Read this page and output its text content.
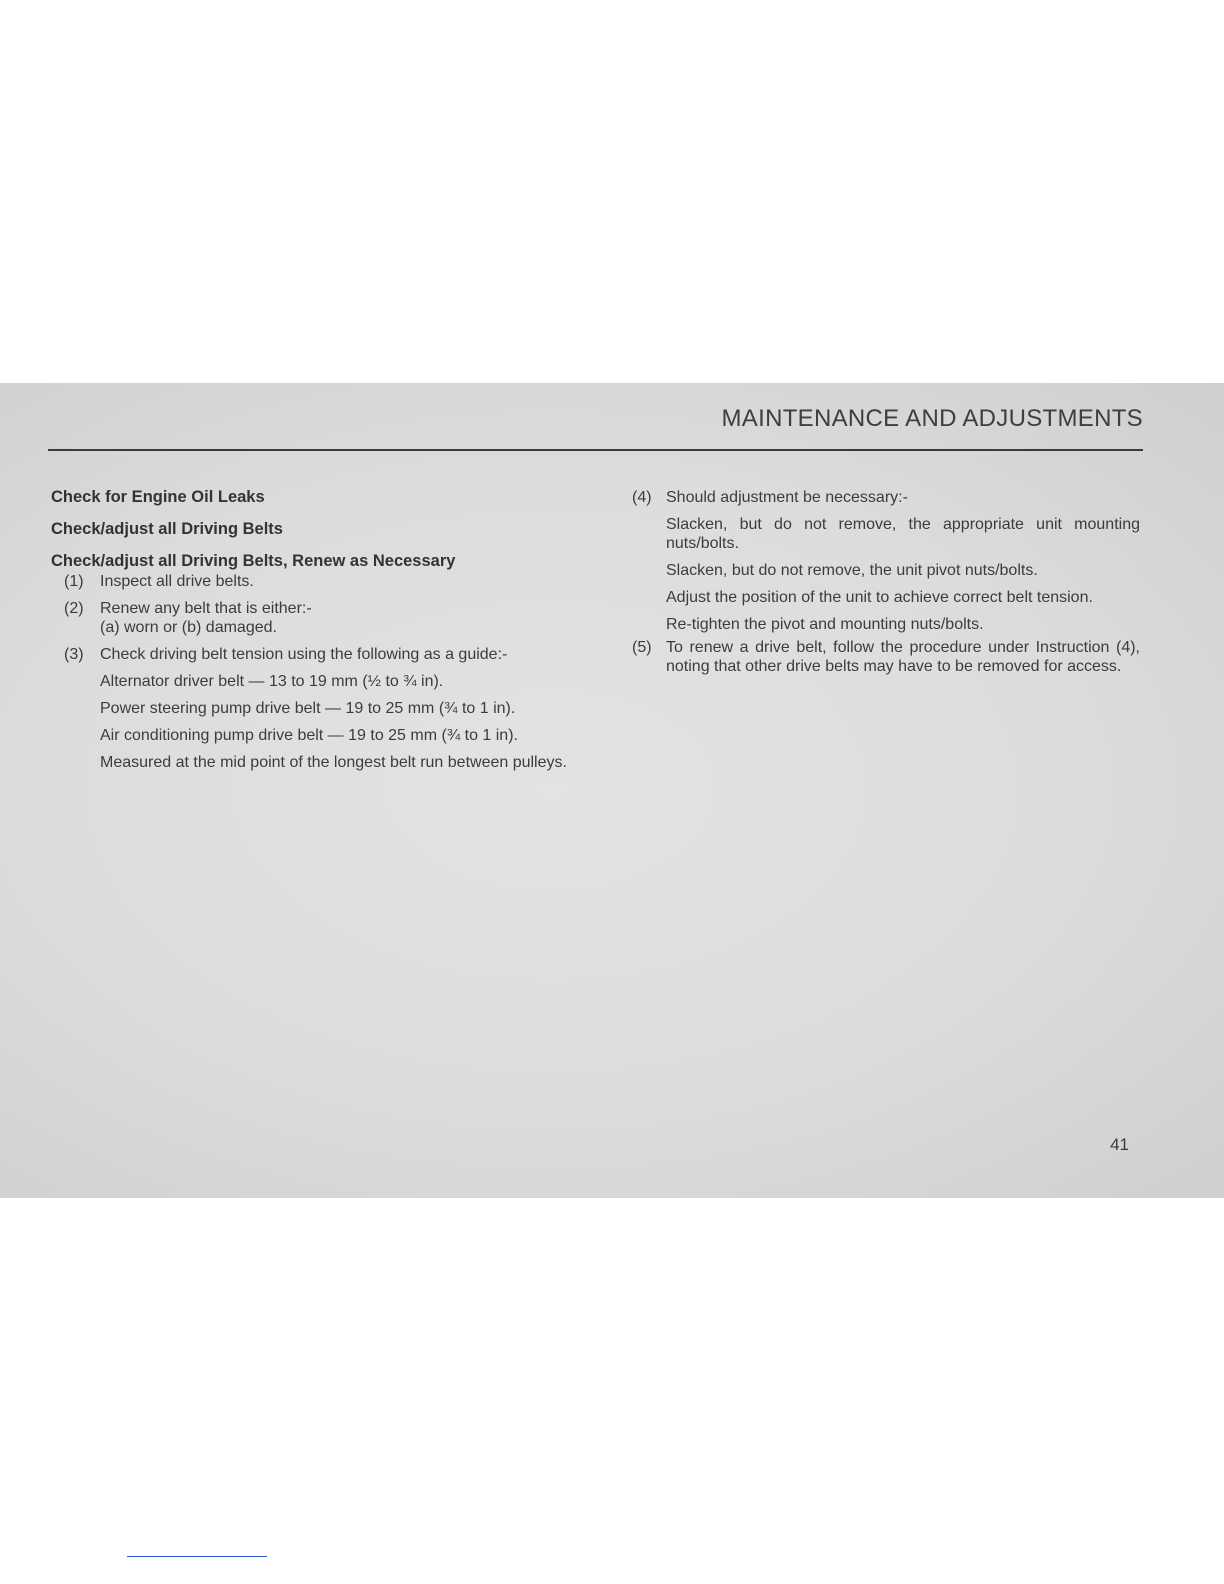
MAINTENANCE AND ADJUSTMENTS
Check for Engine Oil Leaks
Check/adjust all Driving Belts
Check/adjust all Driving Belts, Renew as Necessary
(1)	Inspect all drive belts.
(2)	Renew any belt that is either:-
(a) worn or (b) damaged.
(3)	Check driving belt tension using the following as a guide:-
Alternator driver belt — 13 to 19 mm (½ to ¾ in).
Power steering pump drive belt — 19 to 25 mm (¾ to 1 in).
Air conditioning pump drive belt — 19 to 25 mm (¾ to 1 in).
Measured at the mid point of the longest belt run between pulleys.
(4) Should adjustment be necessary:-
Slacken, but do not remove, the appropriate unit mounting nuts/bolts.
Slacken, but do not remove, the unit pivot nuts/bolts.
Adjust the position of the unit to achieve correct belt tension.
Re-tighten the pivot and mounting nuts/bolts.
(5) To renew a drive belt, follow the procedure under Instruction (4), noting that other drive belts may have to be removed for access.
41
